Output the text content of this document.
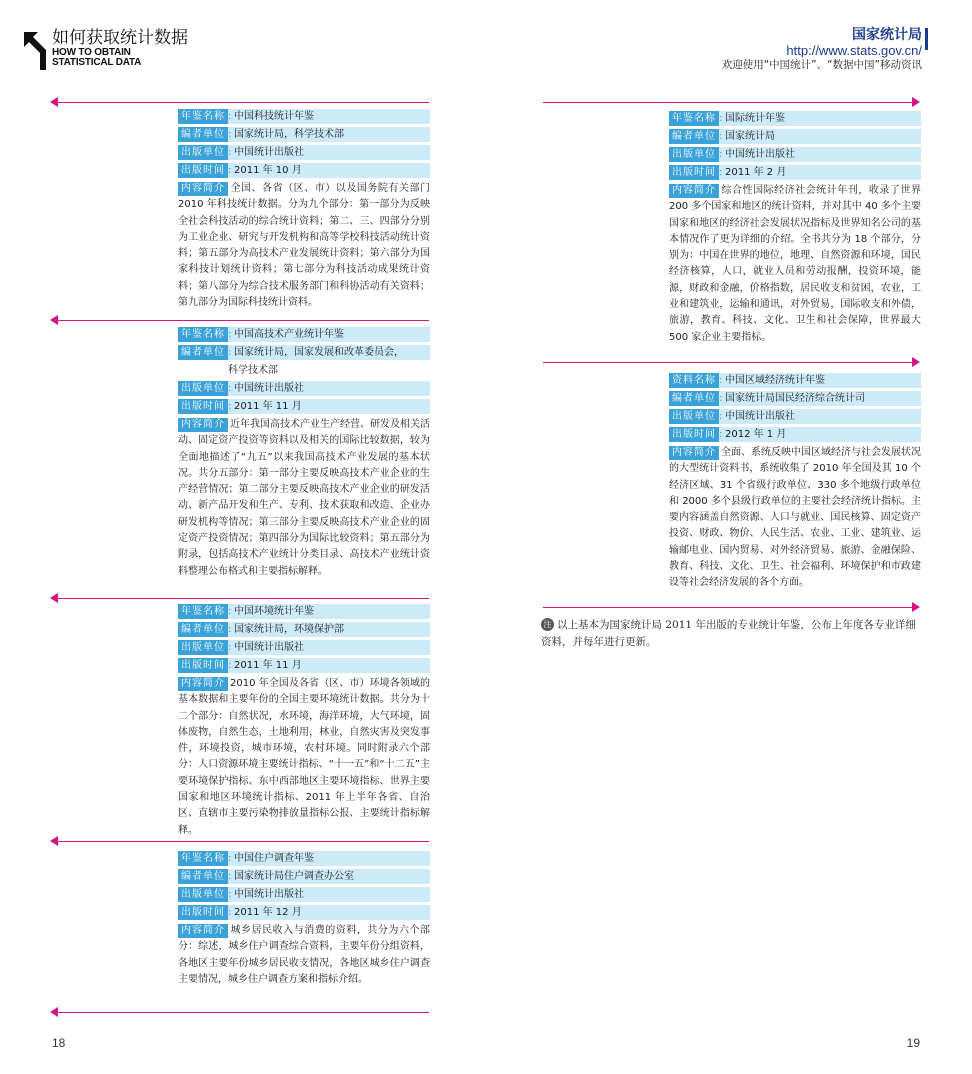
如何获取统计数据
HOW TO OBTAIN
STATISTICAL DATA
国家统计局
http://www.stats.gov.cn/
欢迎使用“中国统计”、“数据中国”移动资讯
年鉴名称 : 中国科技统计年鉴
编者单位 : 国家统计局，科学技术部
出版单位 : 中国统计出版社
出版时间 : 2011 年 10 月
内容简介 全国、各省（区、市）以及国务院有关部门 2010 年科技统计数据。分为九个部分：第一部分为反映全社会科技活动的综合统计资料；第二、三、四部分分别为工业企业、研究与开发机构和高等学校科技活动统计资料；第五部分为高技术产业发展统计资料；第六部分为国家科技计划统计资料；第七部分为科技活动成果统计资料；第八部分为综合技术服务部门和科协活动有关资料；第九部分为国际科技统计资料。
年鉴名称 : 中国高技术产业统计年鉴
编者单位 : 国家统计局，国家发展和改革委员会，
科学技术部
出版单位 : 中国统计出版社
出版时间 : 2011 年 11 月
内容简介 近年我国高技术产业生产经营、研发及相关活动、固定资产投资等资料以及相关的国际比较数据，较为全面地描述了“九五”以来我国高技术产业发展的基本状况。共分五部分：第一部分主要反映高技术产业企业的生产经营情况；第二部分主要反映高技术产业企业的研发活动、新产品开发和生产、专利、技术获取和改造、企业办研发机构等情况；第三部分主要反映高技术产业企业的固定资产投资情况；第四部分为国际比较资料；第五部分为附录，包括高技术产业统计分类目录、高技术产业统计资料整理公布格式和主要指标解释。
年鉴名称 : 中国环境统计年鉴
编者单位 : 国家统计局，环境保护部
出版单位 : 中国统计出版社
出版时间 : 2011 年 11 月
内容简介 2010 年全国及各省（区、市）环境各领域的基本数据和主要年份的全国主要环境统计数据。共分为十二个部分：自然状况，水环境，海洋环境，大气环境，固体废物，自然生态，土地利用，林业，自然灾害及突发事件，环境投资，城市环境，农村环境。同时附录六个部分：人口资源环境主要统计指标、“十一五”和“十二五”主要环境保护指标、东中西部地区主要环境指标、世界主要国家和地区环境统计指标、2011 年上半年各省、自治区、直辖市主要污染物排放量指标公报、主要统计指标解释。
年鉴名称 : 中国住户调查年鉴
编者单位 : 国家统计局住户调查办公室
出版单位 : 中国统计出版社
出版时间 : 2011 年 12 月
内容简介 城乡居民收入与消费的资料，共分为六个部分：综述，城乡住户调查综合资料，主要年份分组资料，各地区主要年份城乡居民收支情况，各地区城乡住户调查主要情况，城乡住户调查方案和指标介绍。
年鉴名称 : 国际统计年鉴
编者单位 : 国家统计局
出版单位 : 中国统计出版社
出版时间 : 2011 年 2 月
内容简介 综合性国际经济社会统计年刊，收录了世界 200 多个国家和地区的统计资料，并对其中 40 多个主要国家和地区的经济社会发展状况指标及世界知名公司的基本情况作了更为详细的介绍。全书共分为 18 个部分，分别为：中国在世界的地位，地理、自然资源和环境，国民经济核算，人口，就业人员和劳动报酬，投资环境，能源，财政和金融，价格指数，居民收支和贫困，农业，工业和建筑业，运输和通讯，对外贸易，国际收支和外债，旅游，教育、科技、文化、卫生和社会保障，世界最大 500 家企业主要指标。
资料名称 : 中国区域经济统计年鉴
编者单位 : 国家统计局国民经济综合统计司
出版单位 : 中国统计出版社
出版时间 : 2012 年 1 月
内容简介 全面、系统反映中国区域经济与社会发展状况的大型统计资料书，系统收集了 2010 年全国及其 10 个经济区域、31 个省级行政单位、330 多个地级行政单位和 2000 多个县级行政单位的主要社会经济统计指标。主要内容涵盖自然资源、人口与就业、国民核算、固定资产投资、财政、物价、人民生活、农业、工业、建筑业、运输邮电业、国内贸易、对外经济贸易、旅游、金融保险、教育、科技、文化、卫生、社会福利、环境保护和市政建设等社会经济发展的各个方面。
注 以上基本为国家统计局 2011 年出版的专业统计年鉴，公布上年度各专业详细资料，并每年进行更新。
18	19
